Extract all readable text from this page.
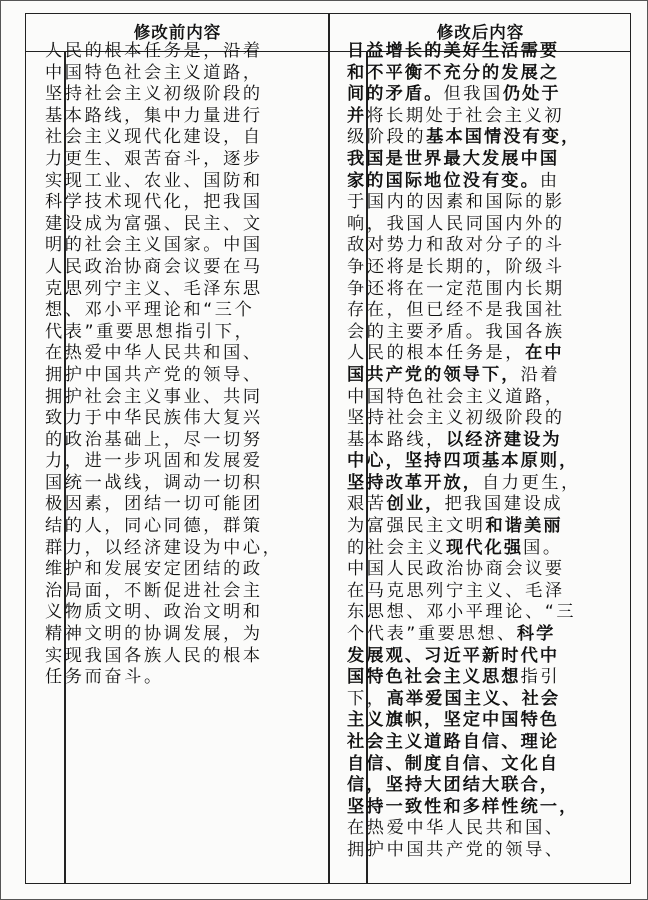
修改前内容	修改后内容
人民的根本任务是，沿着
中国特色社会主义道路，
坚持社会主义初级阶段的
基本路线，集中力量进行
社会主义现代化建设，自
力更生、艰苦奋斗，逐步
实现工业、农业、国防和
科学技术现代化，把我国
建设成为富强、民主、文
明的社会主义国家。中国
人民政治协商会议要在马
克思列宁主义、毛泽东思
想、邓小平理论和“三个
代表”重要思想指引下，
在热爱中华人民共和国、
拥护中国共产党的领导、
拥护社会主义事业、共同
致力于中华民族伟大复兴
的政治基础上，尽一切努
力，进一步巩固和发展爱
国统一战线，调动一切积
极因素，团结一切可能团
结的人，同心同德，群策
群力，以经济建设为中心，
维护和发展安定团结的政
治局面，不断促进社会主
义物质文明、政治文明和
精神文明的协调发展，为
实现我国各族人民的根本
任务而奋斗。
日益增长的美好生活需要
和不平衡不充分的发展之
间的矛盾。但我国仍处于
并将长期处于社会主义初
级阶段的基本国情没有变，
我国是世界最大发展中国
家的国际地位没有变。由
于国内的因素和国际的影
响，我国人民同国内外的
敌对势力和敌对分子的斗
争还将是长期的，阶级斗
争还将在一定范围内长期
存在，但已经不是我国社
会的主要矛盾。我国各族
人民的根本任务是，在中
国共产党的领导下，沿着
中国特色社会主义道路，
坚持社会主义初级阶段的
基本路线，以经济建设为
中心，坚持四项基本原则，
坚持改革开放，自力更生，
艰苦创业，把我国建设成
为富强民主文明和谐美丽
的社会主义现代化强国。
中国人民政治协商会议要
在马克思列宁主义、毛泽
东思想、邓小平理论、“三
个代表”重要思想、科学
发展观、习近平新时代中
国特色社会主义思想指引
下，高举爱国主义、社会
主义旗帜，坚定中国特色
社会主义道路自信、理论
自信、制度自信、文化自
信，坚持大团结大联合，
坚持一致性和多样性统一，
在热爱中华人民共和国、
拥护中国共产党的领导、
